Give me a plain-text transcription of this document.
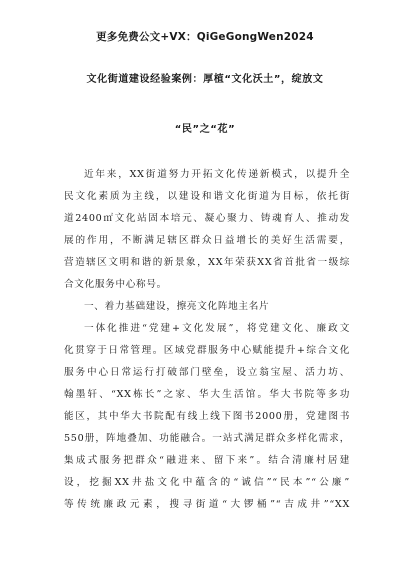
更多免费公文+VX：QiGeGongWen2024
文化街道建设经验案例：厚植“文化沃土”，绽放文
“民”之“花”
近年来，XX街道努力开拓文化传递新模式，以提升全
民文化素质为主线，以建设和谐文化街道为目标，依托街
道2400㎡文化站固本培元、凝心聚力、铸魂育人、推动发
展的作用，不断满足辖区群众日益增长的美好生活需要，
营造辖区文明和谐的新景象，XX年荣获XX省首批省一级综
合文化服务中心称号。
一、着力基础建设，擦亮文化阵地主名片
一体化推进“党建+文化发展”，将党建文化、廉政文
化贯穿于日常管理。区域党群服务中心赋能提升+综合文化
服务中心日常运行打破部门壁垒，设立翁宝屋、活力坊、
翰墨轩、“XX栋长”之家、华大生活馆。华大书院等多功
能区，其中华大书院配有线上线下图书2000册，党建图书
550册，阵地叠加、功能融合。一站式满足群众多样化需求，
集成式服务把群众“融进来、留下来”。结合清廉村居建
设，挖掘XX井盐文化中蕴含的“诚信”“民本”“公廉”
等传统廉政元素，搜寻街道“大锣桶”“吉成井”“XX
